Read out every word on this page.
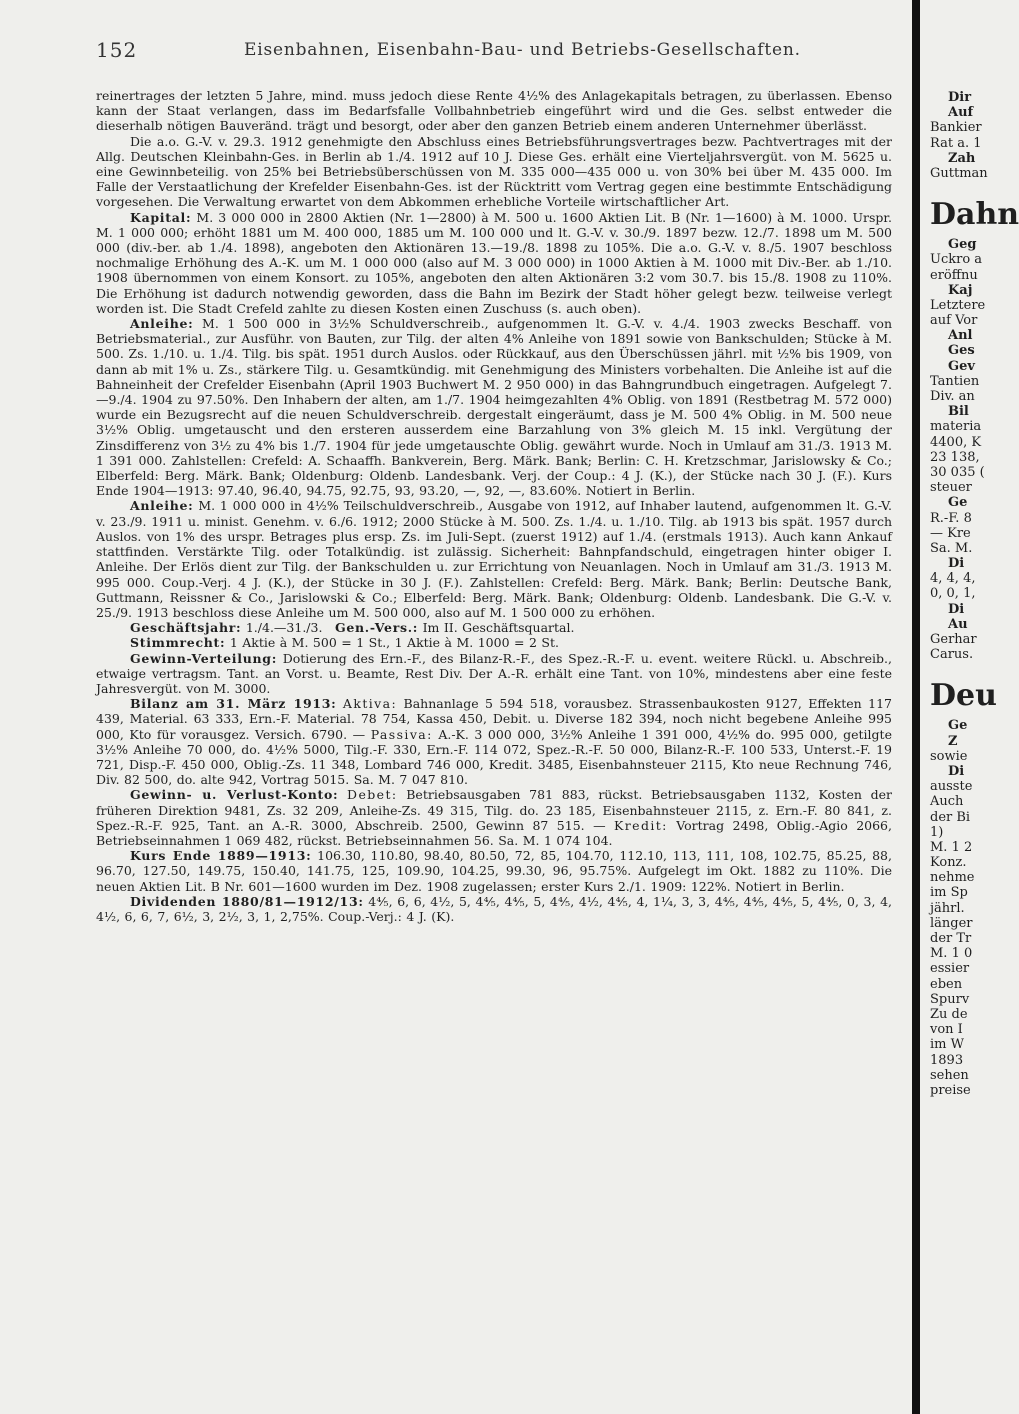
152	Eisenbahnen, Eisenbahn-Bau- und Betriebs-Gesellschaften.

reinertrages der letzten 5 Jahre, mind. muss jedoch diese Rente 4½% des Anlagekapitals betragen, zu überlassen. Ebenso kann der Staat verlangen, dass im Bedarfsfalle Vollbahnbetrieb eingeführt wird und die Ges. selbst entweder die dieserhalb nötigen Bauveränd. trägt und besorgt, oder aber den ganzen Betrieb einem anderen Unternehmer überlässt.

Die a.o. G.-V. v. 29.3. 1912 genehmigte den Abschluss eines Betriebsführungsvertrages bezw. Pachtvertrages mit der Allg. Deutschen Kleinbahn-Ges. in Berlin ab 1./4. 1912 auf 10 J. Diese Ges. erhält eine Vierteljahrsvergüt. von M. 5625 u. eine Gewinnbeteilig. von 25% bei Betriebsüberschüssen von M. 335 000—435 000 u. von 30% bei über M. 435 000. Im Falle der Verstaatlichung der Krefelder Eisenbahn-Ges. ist der Rücktritt vom Vertrag gegen eine bestimmte Entschädigung vorgesehen. Die Verwaltung erwartet von dem Abkommen erhebliche Vorteile wirtschaftlicher Art.

Kapital: M. 3 000 000 in 2800 Aktien (Nr. 1—2800) à M. 500 u. 1600 Aktien Lit. B (Nr. 1—1600) à M. 1000. Urspr. M. 1 000 000; erhöht 1881 um M. 400 000, 1885 um M. 100 000 und lt. G.-V. v. 30./9. 1897 bezw. 12./7. 1898 um M. 500 000 (div.-ber. ab 1./4. 1898), angeboten den Aktionären 13.—19./8. 1898 zu 105%. Die a.o. G.-V. v. 8./5. 1907 beschloss nochmalige Erhöhung des A.-K. um M. 1 000 000 (also auf M. 3 000 000) in 1000 Aktien à M. 1000 mit Div.-Ber. ab 1./10. 1908 übernommen von einem Konsort. zu 105%, angeboten den alten Aktionären 3:2 vom 30.7. bis 15./8. 1908 zu 110%. Die Erhöhung ist dadurch notwendig geworden, dass die Bahn im Bezirk der Stadt höher gelegt bezw. teilweise verlegt worden ist. Die Stadt Crefeld zahlte zu diesen Kosten einen Zuschuss (s. auch oben).

Anleihe: M. 1 500 000 in 3½% Schuldverschreib., aufgenommen lt. G.-V. v. 4./4. 1903 zwecks Beschaff. von Betriebsmaterial., zur Ausführ. von Bauten, zur Tilg. der alten 4% Anleihe von 1891 sowie von Bankschulden; Stücke à M. 500. Zs. 1./10. u. 1./4. Tilg. bis spät. 1951 durch Auslos. oder Rückkauf, aus den Überschüssen jährl. mit ½% bis 1909, von dann ab mit 1% u. Zs., stärkere Tilg. u. Gesamtkündig. mit Genehmigung des Ministers vorbehalten. Die Anleihe ist auf die Bahneinheit der Crefelder Eisenbahn (April 1903 Buchwert M. 2 950 000) in das Bahngrundbuch eingetragen. Aufgelegt 7.—9./4. 1904 zu 97.50%. Den Inhabern der alten, am 1./7. 1904 heimgezahlten 4% Oblig. von 1891 (Restbetrag M. 572 000) wurde ein Bezugsrecht auf die neuen Schuldverschreib. dergestalt eingeräumt, dass je M. 500 4% Oblig. in M. 500 neue 3½% Oblig. umgetauscht und den ersteren ausserdem eine Barzahlung von 3% gleich M. 15 inkl. Vergütung der Zinsdifferenz von 3½ zu 4% bis 1./7. 1904 für jede umgetauschte Oblig. gewährt wurde. Noch in Umlauf am 31./3. 1913 M. 1 391 000. Zahlstellen: Crefeld: A. Schaaffh. Bankverein, Berg. Märk. Bank; Berlin: C. H. Kretzschmar, Jarislowsky & Co.; Elberfeld: Berg. Märk. Bank; Oldenburg: Oldenb. Landesbank. Verj. der Coup.: 4 J. (K.), der Stücke nach 30 J. (F.). Kurs Ende 1904—1913: 97.40, 96.40, 94.75, 92.75, 93, 93.20, —, 92, —, 83.60%. Notiert in Berlin.

Anleihe: M. 1 000 000 in 4½% Teilschuldverschreib., Ausgabe von 1912, auf Inhaber lautend, aufgenommen lt. G.-V. v. 23./9. 1911 u. minist. Genehm. v. 6./6. 1912; 2000 Stücke à M. 500. Zs. 1./4. u. 1./10. Tilg. ab 1913 bis spät. 1957 durch Auslos. von 1% des urspr. Betrages plus ersp. Zs. im Juli-Sept. (zuerst 1912) auf 1./4. (erstmals 1913). Auch kann Ankauf stattfinden. Verstärkte Tilg. oder Totalkündig. ist zulässig. Sicherheit: Bahnpfandschuld, eingetragen hinter obiger I. Anleihe. Der Erlös dient zur Tilg. der Bankschulden u. zur Errichtung von Neuanlagen. Noch in Umlauf am 31./3. 1913 M. 995 000. Coup.-Verj. 4 J. (K.), der Stücke in 30 J. (F.). Zahlstellen: Crefeld: Berg. Märk. Bank; Berlin: Deutsche Bank, Guttmann, Reissner & Co., Jarislowski & Co.; Elberfeld: Berg. Märk. Bank; Oldenburg: Oldenb. Landesbank. Die G.-V. v. 25./9. 1913 beschloss diese Anleihe um M. 500 000, also auf M. 1 500 000 zu erhöhen.

Geschäftsjahr: 1./4.—31./3.  Gen.-Vers.: Im II. Geschäftsquartal.

Stimmrecht: 1 Aktie à M. 500 = 1 St., 1 Aktie à M. 1000 = 2 St.

Gewinn-Verteilung: Dotierung des Ern.-F., des Bilanz-R.-F., des Spez.-R.-F. u. event. weitere Rückl. u. Abschreib., etwaige vertragsm. Tant. an Vorst. u. Beamte, Rest Div. Der A.-R. erhält eine Tant. von 10%, mindestens aber eine feste Jahresvergüt. von M. 3000.

Bilanz am 31. März 1913: Aktiva: Bahnanlage 5 594 518, vorausbez. Strassenbaukosten 9127, Effekten 117 439, Material. 63 333, Ern.-F. Material. 78 754, Kassa 450, Debit. u. Diverse 182 394, noch nicht begebene Anleihe 995 000, Kto für vorausgez. Versich. 6790. — Passiva: A.-K. 3 000 000, 3½% Anleihe 1 391 000, 4½% do. 995 000, getilgte 3½% Anleihe 70 000, do. 4½% 5000, Tilg.-F. 330, Ern.-F. 114 072, Spez.-R.-F. 50 000, Bilanz-R.-F. 100 533, Unterst.-F. 19 721, Disp.-F. 450 000, Oblig.-Zs. 11 348, Lombard 746 000, Kredit. 3485, Eisenbahnsteuer 2115, Kto neue Rechnung 746, Div. 82 500, do. alte 942, Vortrag 5015. Sa. M. 7 047 810.

Gewinn- u. Verlust-Konto: Debet: Betriebsausgaben 781 883, rückst. Betriebsausgaben 1132, Kosten der früheren Direktion 9481, Zs. 32 209, Anleihe-Zs. 49 315, Tilg. do. 23 185, Eisenbahnsteuer 2115, z. Ern.-F. 80 841, z. Spez.-R.-F. 925, Tant. an A.-R. 3000, Abschreib. 2500, Gewinn 87 515. — Kredit: Vortrag 2498, Oblig.-Agio 2066, Betriebseinnahmen 1 069 482, rückst. Betriebseinnahmen 56. Sa. M. 1 074 104.

Kurs Ende 1889—1913: 106.30, 110.80, 98.40, 80.50, 72, 85, 104.70, 112.10, 113, 111, 108, 102.75, 85.25, 88, 96.70, 127.50, 149.75, 150.40, 141.75, 125, 109.90, 104.25, 99.30, 96, 95.75%. Aufgelegt im Okt. 1882 zu 110%. Die neuen Aktien Lit. B Nr. 601—1600 wurden im Dez. 1908 zugelassen; erster Kurs 2./1. 1909: 122%. Notiert in Berlin.

Dividenden 1880/81—1912/13: 4⅘, 6, 6, 4½, 5, 4⅘, 4⅘, 5, 4⅘, 4½, 4⅘, 4, 1¼, 3, 3, 4⅘, 4⅘, 4⅘, 5, 4⅘, 0, 3, 4, 4½, 6, 6, 7, 6½, 3, 2½, 3, 1, 2,75%. Coup.-Verj.: 4 J. (K).

Dir
Auf
Bankier
Rat a. 1
Zah
Guttman
Dahn
Geg
Uckro a
eröffnu
Kaj
Letztere
auf Vor
Anl
Ges
Gev
Tantien
Div. an
Bil
materia
4400, K
23 138,
30 035 (
steuer
Ge
R.-F. 8
— Kre
Sa. M.
Di
4, 4, 4,
0, 0, 1,
Di
Au
Gerhar
Carus.
Deu
Ge
Z
sowie
Di
ausste
Auch
der Bi
1)
M. 1 2
Konz.
nehme
im Sp
jährl.
länger
der Tr
M. 1 0
essier
eben
Spurv
Zu de
von I
im W
1893
sehen
preise
